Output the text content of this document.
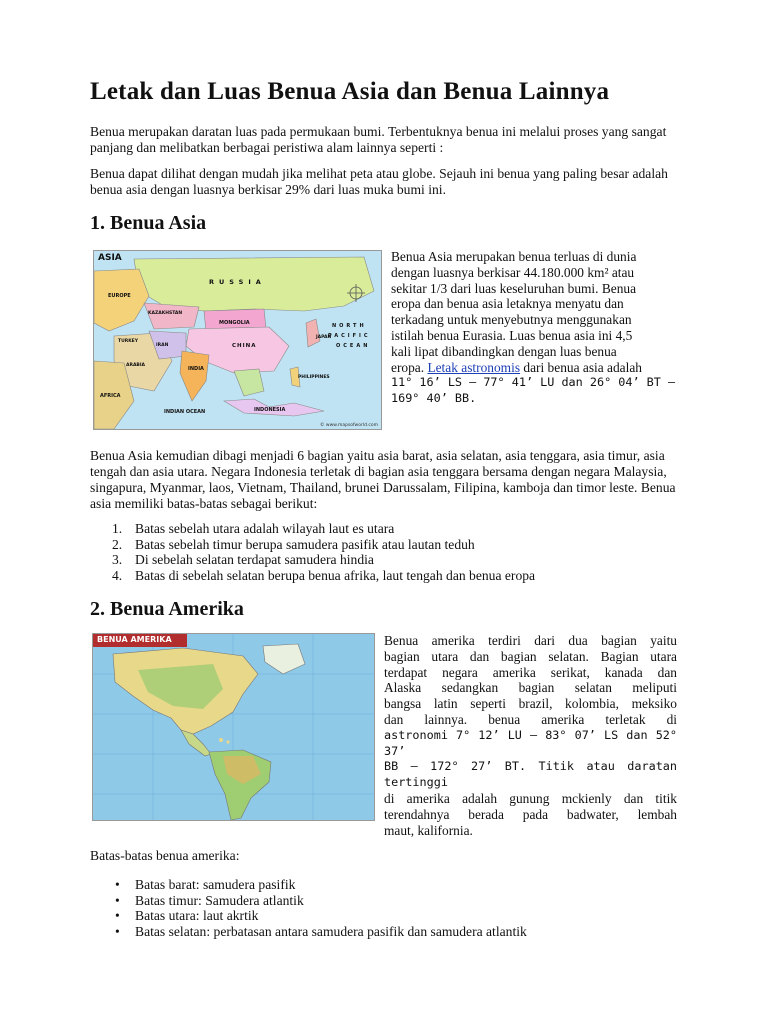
Letak dan Luas Benua Asia dan Benua Lainnya

Benua merupakan daratan luas pada permukaan bumi. Terbentuknya benua ini melalui proses yang sangat panjang dan melibatkan berbagai peristiwa alam lainnya seperti :

Benua dapat dilihat dengan mudah jika melihat peta atau globe. Sejauh ini benua yang paling besar adalah benua asia dengan luasnya berkisar 29% dari luas muka bumi ini.

1. Benua Asia
ASIA
RUSSIA
EUROPE
KAZAKHSTAN
MONGOLIA
CHINA
NORTH
PACIFIC
OCEAN
JAPAN
TURKEY
IRAN
INDIA
ARABIA
AFRICA
INDIAN OCEAN	INDONESIA
PHILIPPINES
© www.mapsofworld.com
Benua Asia merupakan benua terluas di dunia
dengan luasnya berkisar 44.180.000 km² atau
sekitar 1/3 dari luas keseluruhan bumi. Benua
eropa dan benua asia letaknya menyatu dan
terkadang untuk menyebutnya menggunakan
istilah benua Eurasia. Luas benua asia ini 4,5
kali lipat dibandingkan dengan luas benua
eropa. Letak astronomis dari benua asia adalah
11° 16’ LS – 77° 41’ LU dan 26° 04’ BT –
169° 40’ BB.

Benua Asia kemudian dibagi menjadi 6 bagian yaitu asia barat, asia selatan, asia tenggara, asia timur, asia tengah dan asia utara. Negara Indonesia terletak di bagian asia tenggara bersama dengan negara Malaysia, singapura, Myanmar, laos, Vietnam, Thailand, brunei Darussalam, Filipina, kamboja dan timor leste. Benua asia memiliki batas-batas sebagai berikut:

1. Batas sebelah utara adalah wilayah laut es utara
2. Batas sebelah timur berupa samudera pasifik atau lautan teduh
3. Di sebelah selatan terdapat samudera hindia
4. Batas di sebelah selatan berupa benua afrika, laut tengah dan benua eropa
2. Benua Amerika
BENUA AMERIKA	Benua amerika terdiri dari dua bagian yaitu
bagian utara dan bagian selatan. Bagian utara
terdapat negara amerika serikat, kanada dan
Alaska sedangkan bagian selatan meliputi
bangsa latin seperti brazil, kolombia, meksiko
dan lainnya. benua amerika terletak di
astronomi 7° 12’ LU – 83° 07’ LS dan 52° 37’
BB – 172° 27’ BT. Titik atau daratan tertinggi
di amerika adalah gunung mckienly dan titik
terendahnya berada pada badwater, lembah
maut, kalifornia.

Batas-batas benua amerika:

• Batas barat: samudera pasifik
• Batas timur: Samudera atlantik
• Batas utara: laut akrtik
• Batas selatan: perbatasan antara samudera pasifik dan samudera atlantik
